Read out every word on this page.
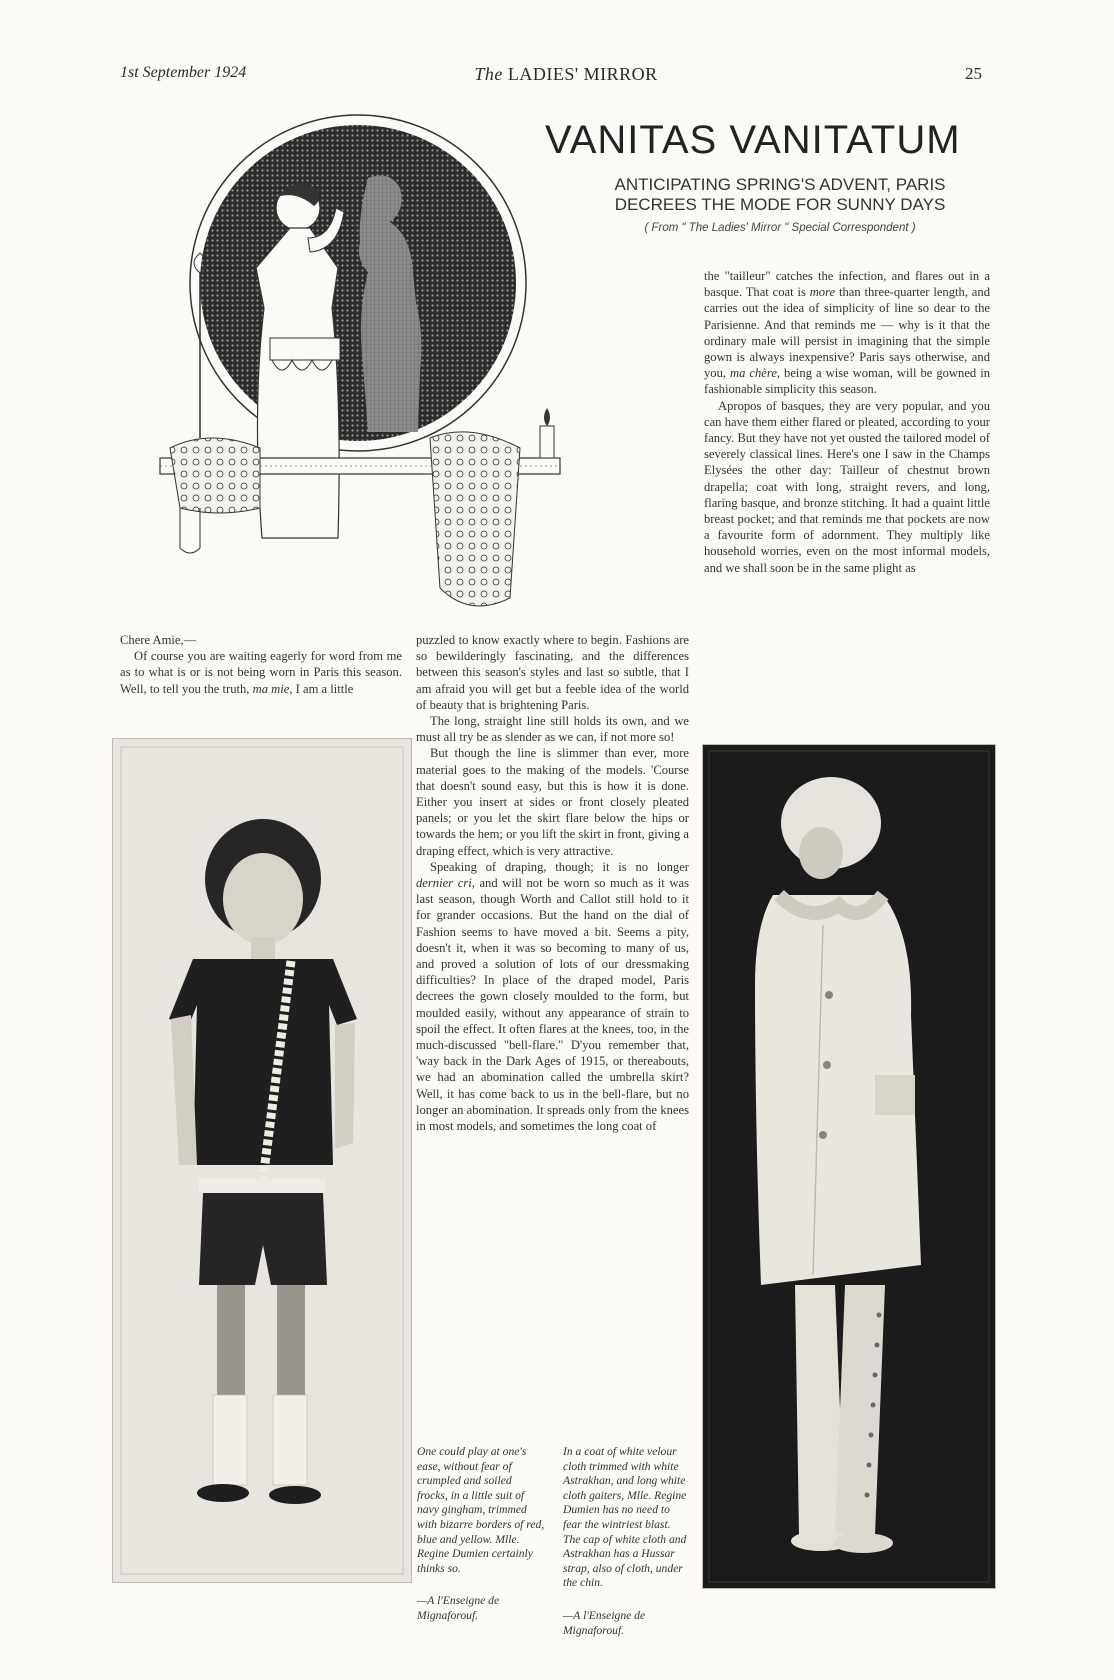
1st September 1924	The LADIES' MIRROR	25
VANITAS VANITATUM
ANTICIPATING SPRING'S ADVENT, PARIS
DECREES THE MODE FOR SUNNY DAYS
( From " The Ladies' Mirror " Special Correspondent )

the "tailleur" catches the infection, and flares out in a basque. That coat is more than three-quarter length, and carries out the idea of simplicity of line so dear to the Parisienne. And that reminds me — why is it that the ordinary male will persist in imagining that the simple gown is always inexpensive? Paris says otherwise, and you, ma chère, being a wise woman, will be gowned in fashionable simplicity this season.

Apropos of basques, they are very popular, and you can have them either flared or pleated, according to your fancy. But they have not yet ousted the tailored model of severely classical lines. Here's one I saw in the Champs Elysées the other day: Tailleur of chestnut brown drapella; coat with long, straight revers, and long, flaring basque, and bronze stitching. It had a quaint little breast pocket; and that reminds me that pockets are now a favourite form of adornment. They multiply like household worries, even on the most informal models, and we shall soon be in the same plight as

Chere Amie,—

Of course you are waiting eagerly for word from me as to what is or is not being worn in Paris this season. Well, to tell you the truth, ma mie, I am a little

puzzled to know exactly where to begin. Fashions are so bewilderingly fascinating, and the differences between this season's styles and last so subtle, that I am afraid you will get but a feeble idea of the world of beauty that is brightening Paris.

The long, straight line still holds its own, and we must all try be as slender as we can, if not more so!

But though the line is slimmer than ever, more material goes to the making of the models. 'Course that doesn't sound easy, but this is how it is done. Either you insert at sides or front closely pleated panels; or you let the skirt flare below the hips or towards the hem; or you lift the skirt in front, giving a draping effect, which is very attractive.

Speaking of draping, though; it is no longer dernier cri, and will not be worn so much as it was last season, though Worth and Callot still hold to it for grander occasions. But the hand on the dial of Fashion seems to have moved a bit. Seems a pity, doesn't it, when it was so becoming to many of us, and proved a solution of lots of our dressmaking difficulties? In place of the draped model, Paris decrees the gown closely moulded to the form, but moulded easily, without any appearance of strain to spoil the effect. It often flares at the knees, too, in the much-discussed "bell-flare." D'you remember that, 'way back in the Dark Ages of 1915, or thereabouts, we had an abomination called the umbrella skirt? Well, it has come back to us in the bell-flare, but no longer an abomination. It spreads only from the knees in most models, and sometimes the long coat of

One could play at one's ease, without fear of crumpled and soiled frocks, in a little suit of navy gingham, trimmed with bizarre borders of red, blue and yellow. Mlle. Regine Dumien certainly thinks so.

—A l'Enseigne de Mignaforouf.

In a coat of white velour cloth trimmed with white Astrakhan, and long white cloth gaiters, Mlle. Regine Dumien has no need to fear the wintriest blast. The cap of white cloth and Astrakhan has a Hussar strap, also of cloth, under the chin.

—A l'Enseigne de Mignaforouf.
